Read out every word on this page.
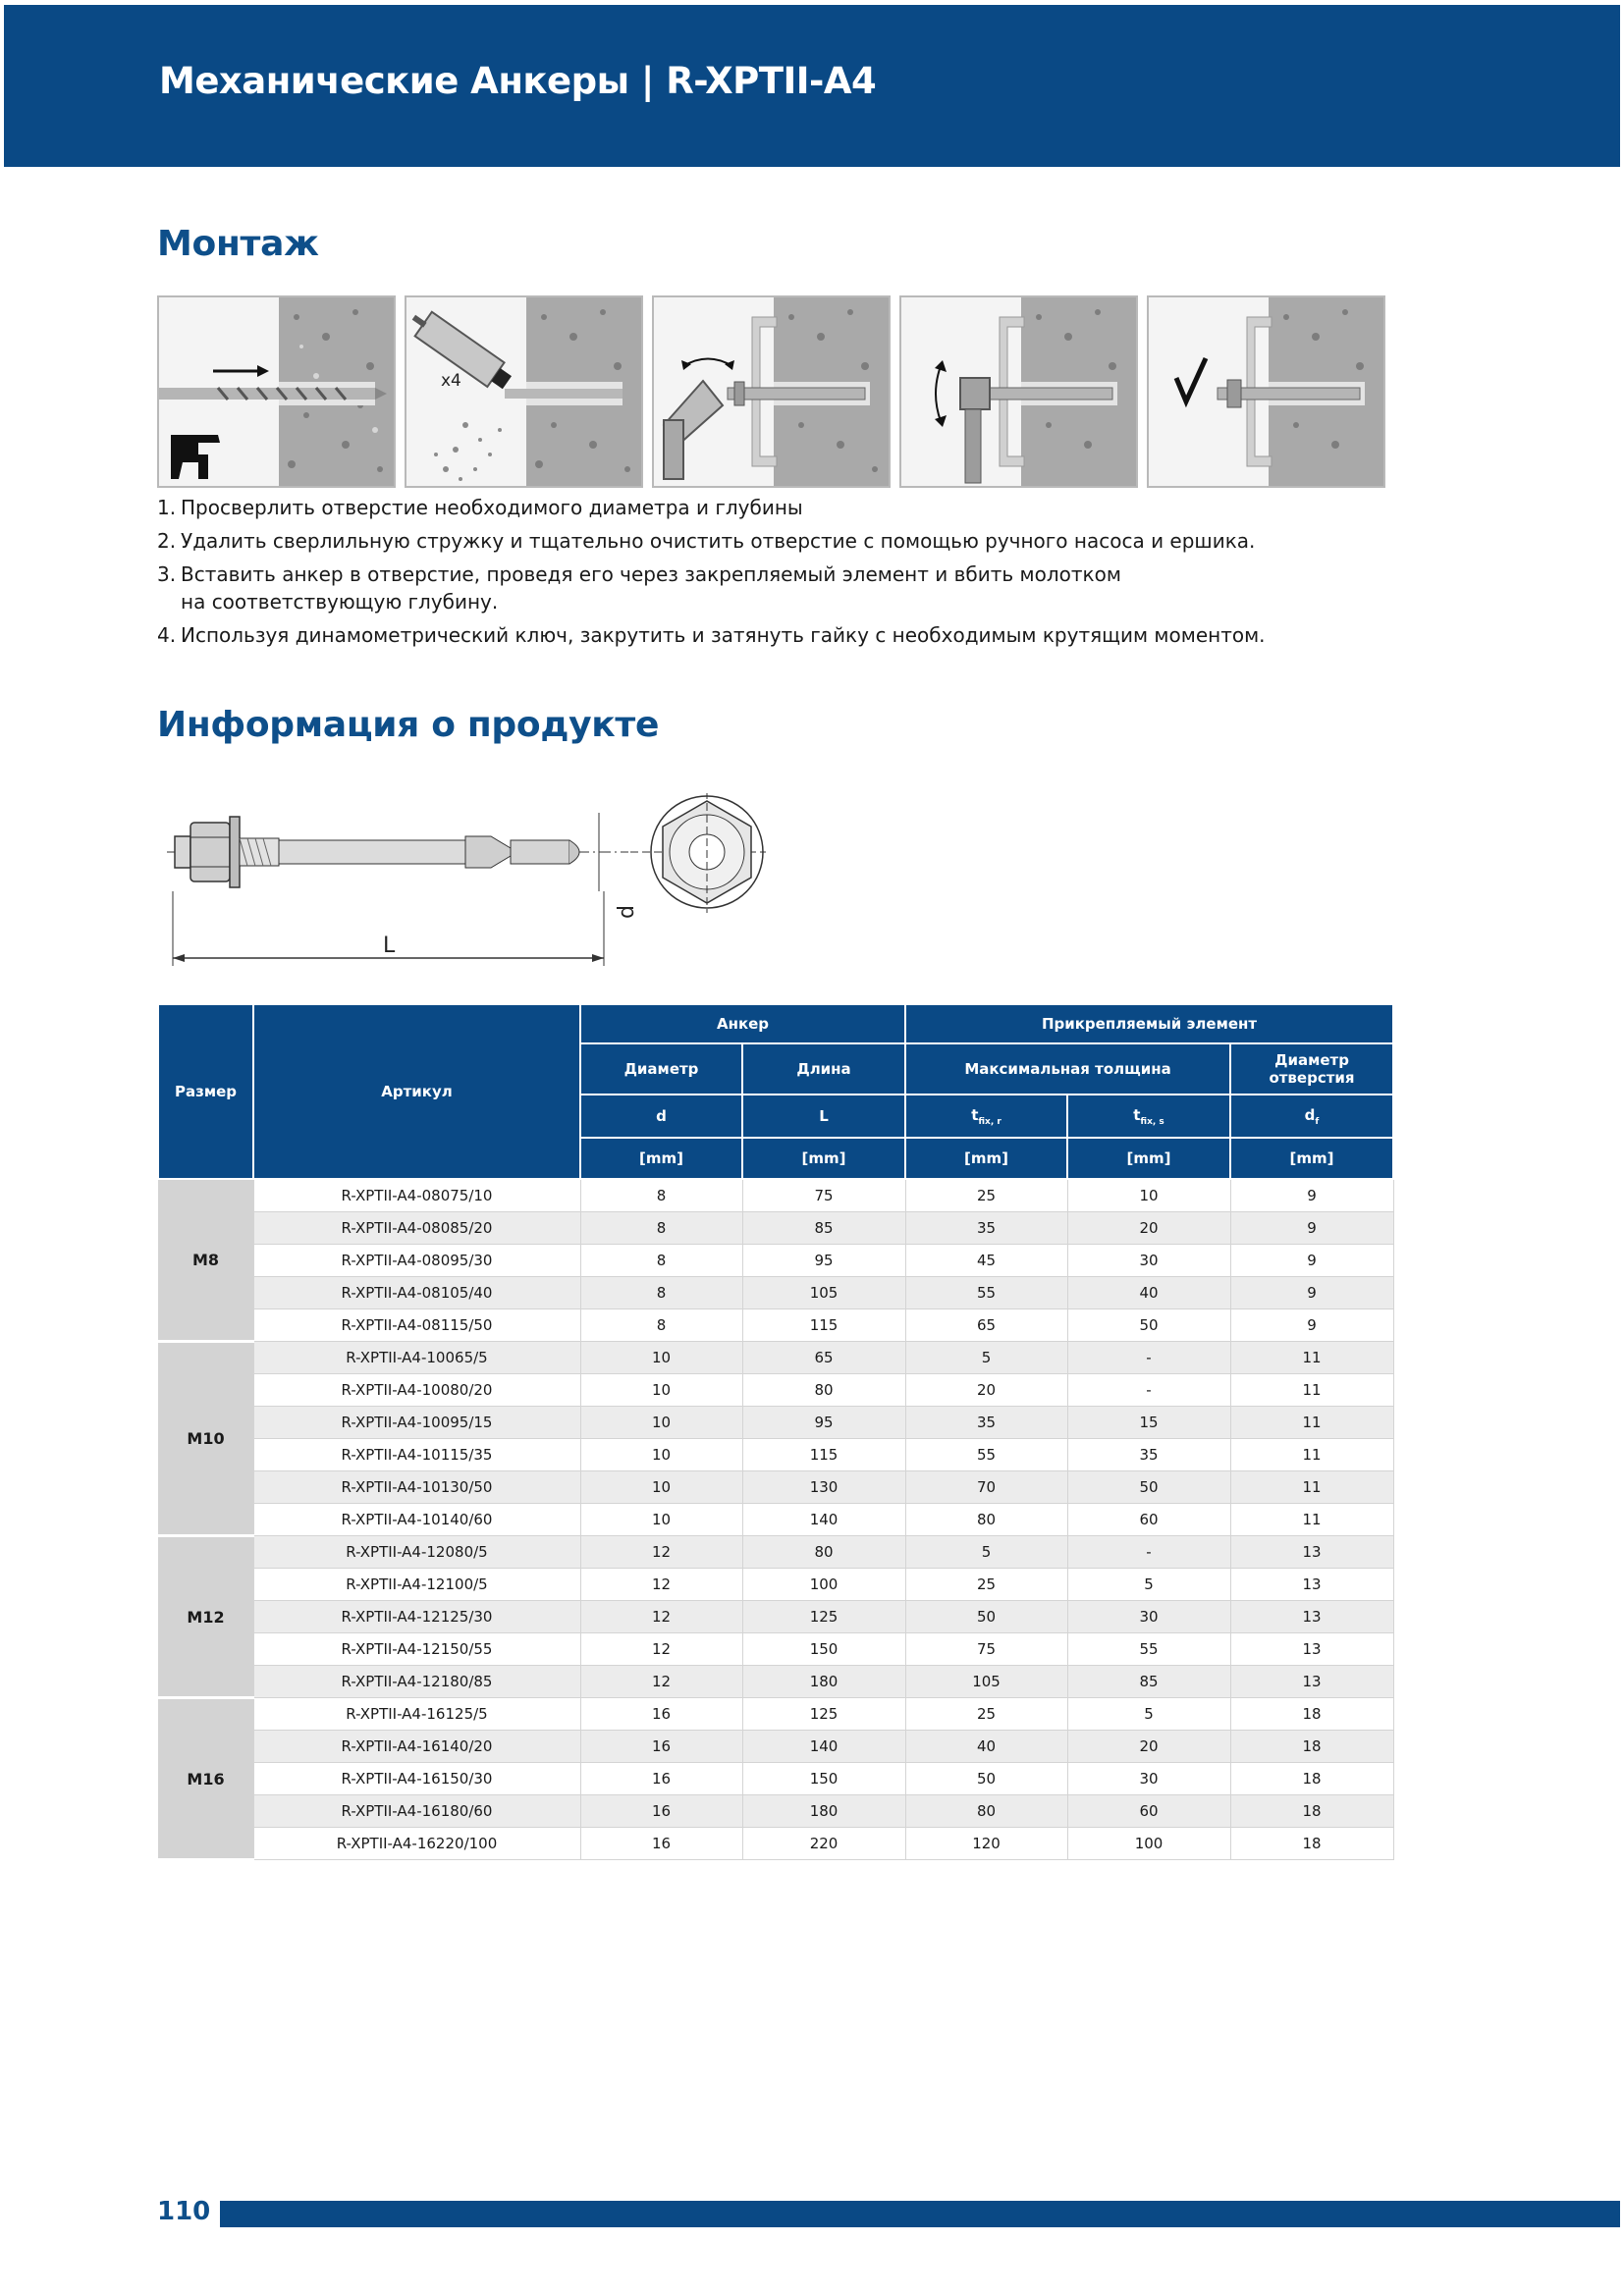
Механические Анкеры | R-XPTII-A4
Монтаж
x4
1. Просверлить отверстие необходимого диаметра и глубины
2. Удалить сверлильную стружку и тщательно очистить отверстие с помощью ручного насоса и ершика.
3. Вставить анкер в отверстие, проведя его через закрепляемый элемент и вбить молотком
на соответствующую глубину.
4. Используя динамометрический ключ, закрутить и затянуть гайку с необходимым крутящим моментом.
Информация о продукте
L
d
Размер	Артикул	Анкер		Прикрепляемый элемент		
		Диаметр	Длина	Максимальная толщина		Диаметр отверстия
		d	L	$t_{fix, r}$	$t_{fix, s}$	$d_f$
		[mm]	[mm]	[mm]	[mm]	[mm]
M8	R-XPTII-A4-08075/10	8	75	25	10	9
	R-XPTII-A4-08085/20	8	85	35	20	9
	R-XPTII-A4-08095/30	8	95	45	30	9
	R-XPTII-A4-08105/40	8	105	55	40	9
	R-XPTII-A4-08115/50	8	115	65	50	9
M10	R-XPTII-A4-10065/5	10	65	5	-	11
	R-XPTII-A4-10080/20	10	80	20	-	11
	R-XPTII-A4-10095/15	10	95	35	15	11
	R-XPTII-A4-10115/35	10	115	55	35	11
	R-XPTII-A4-10130/50	10	130	70	50	11
	R-XPTII-A4-10140/60	10	140	80	60	11
M12	R-XPTII-A4-12080/5	12	80	5	-	13
	R-XPTII-A4-12100/5	12	100	25	5	13
	R-XPTII-A4-12125/30	12	125	50	30	13
	R-XPTII-A4-12150/55	12	150	75	55	13
	R-XPTII-A4-12180/85	12	180	105	85	13
M16	R-XPTII-A4-16125/5	16	125	25	5	18
	R-XPTII-A4-16140/20	16	140	40	20	18
	R-XPTII-A4-16150/30	16	150	50	30	18
	R-XPTII-A4-16180/60	16	180	80	60	18
	R-XPTII-A4-16220/100	16	220	120	100	18
110
